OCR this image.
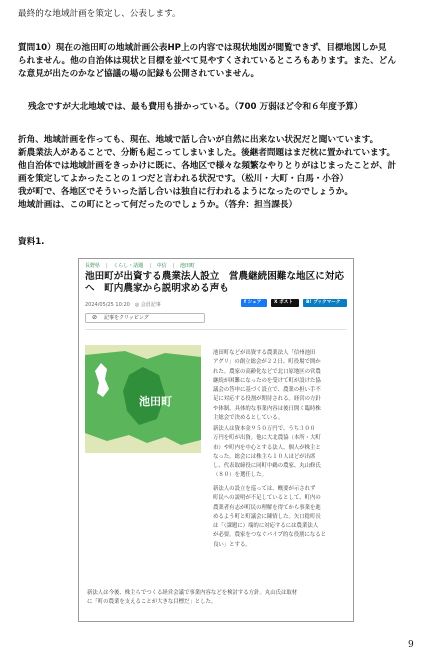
最終的な地域計画を策定し、公表します。
質問10）現在の池田町の地域計画公表HP上の内容では現状地図が閲覧できず、目標地図しか見
られません。他の自治体は現状と目標を並べて見やすくされているところもあります。また、どん
な意見が出たのかなど協議の場の記録も公開されていません。
残念ですが大北地域では、最も費用も掛かっている。（700 万弱ほど令和６年度予算）
折角、地域計画を作っても、現在、地域で話し合いが自然に出来ない状況だと聞いています。
新農業法人があることで、分断も起こってしまいました。後継者問題はまだ枕に置かれています。
他自治体では地域計画をきっかけに既に、各地区で様々な頻繁なやりとりがはじまったことが、計
画を策定してよかったことの１つだと言われる状況です。（松川・大町・白馬・小谷）
我が町で、各地区でそういった話し合いは独自に行われるようになったのでしょうか。
地域計画は、この町にとって何だったのでしょうか。（答弁：担当課長）
資料1.
長野県 | くらし・話題 | 中信 | 池田町
池田町が出資する農業法人設立　営農継続困難な地区に対応
へ　町内農家から説明求める声も
2024/05/25 10:20　◎ 会員記事	f シェア	X ポスト	B! ブックマーク
⊘ 記事をクリッピング
池田町
池田町などが出資する農業法人「信州池田
アグリ」の創立総会が２２日、町役場で開か
れた。農家の高齢化などで北口原地区の営農
継続が困難になったのを受けて町が設けた協
議会の答申に基づく設立で、農業の担い手不
足に対応する役割が期待される。経営の方針
や体制、具体的な事業内容は後日開く臨時株
主総会で決めるとしている。
新法人は資本金９５０万円で、うち３００
万円を町が出資。他に大北農協（本所・大町
市）や町内を中心とする法人、個人が株主と
なった。総会には株主ら１０人ほどが出席
し、代表取締役に同町中鵜の農家、丸山修氏
（８０）を選任した。
新法人の設立を巡っては、概要が示されず
町民への説明が不足しているとして、町内の
農業者有志が町民の理解を得てから事業を進
めるよう町と町議会に陳情した。矢口稔町長
は「（課題に）端的に対応するには農業法人
が必要。農家をつなぐパイプ的な役割になると
良い」とする。
新法人は今後、株主らでつくる経営会議で事業内容などを検討する方針。丸山氏は取材
に「町の農業を支えることが大きな目標だ」とした。
9
